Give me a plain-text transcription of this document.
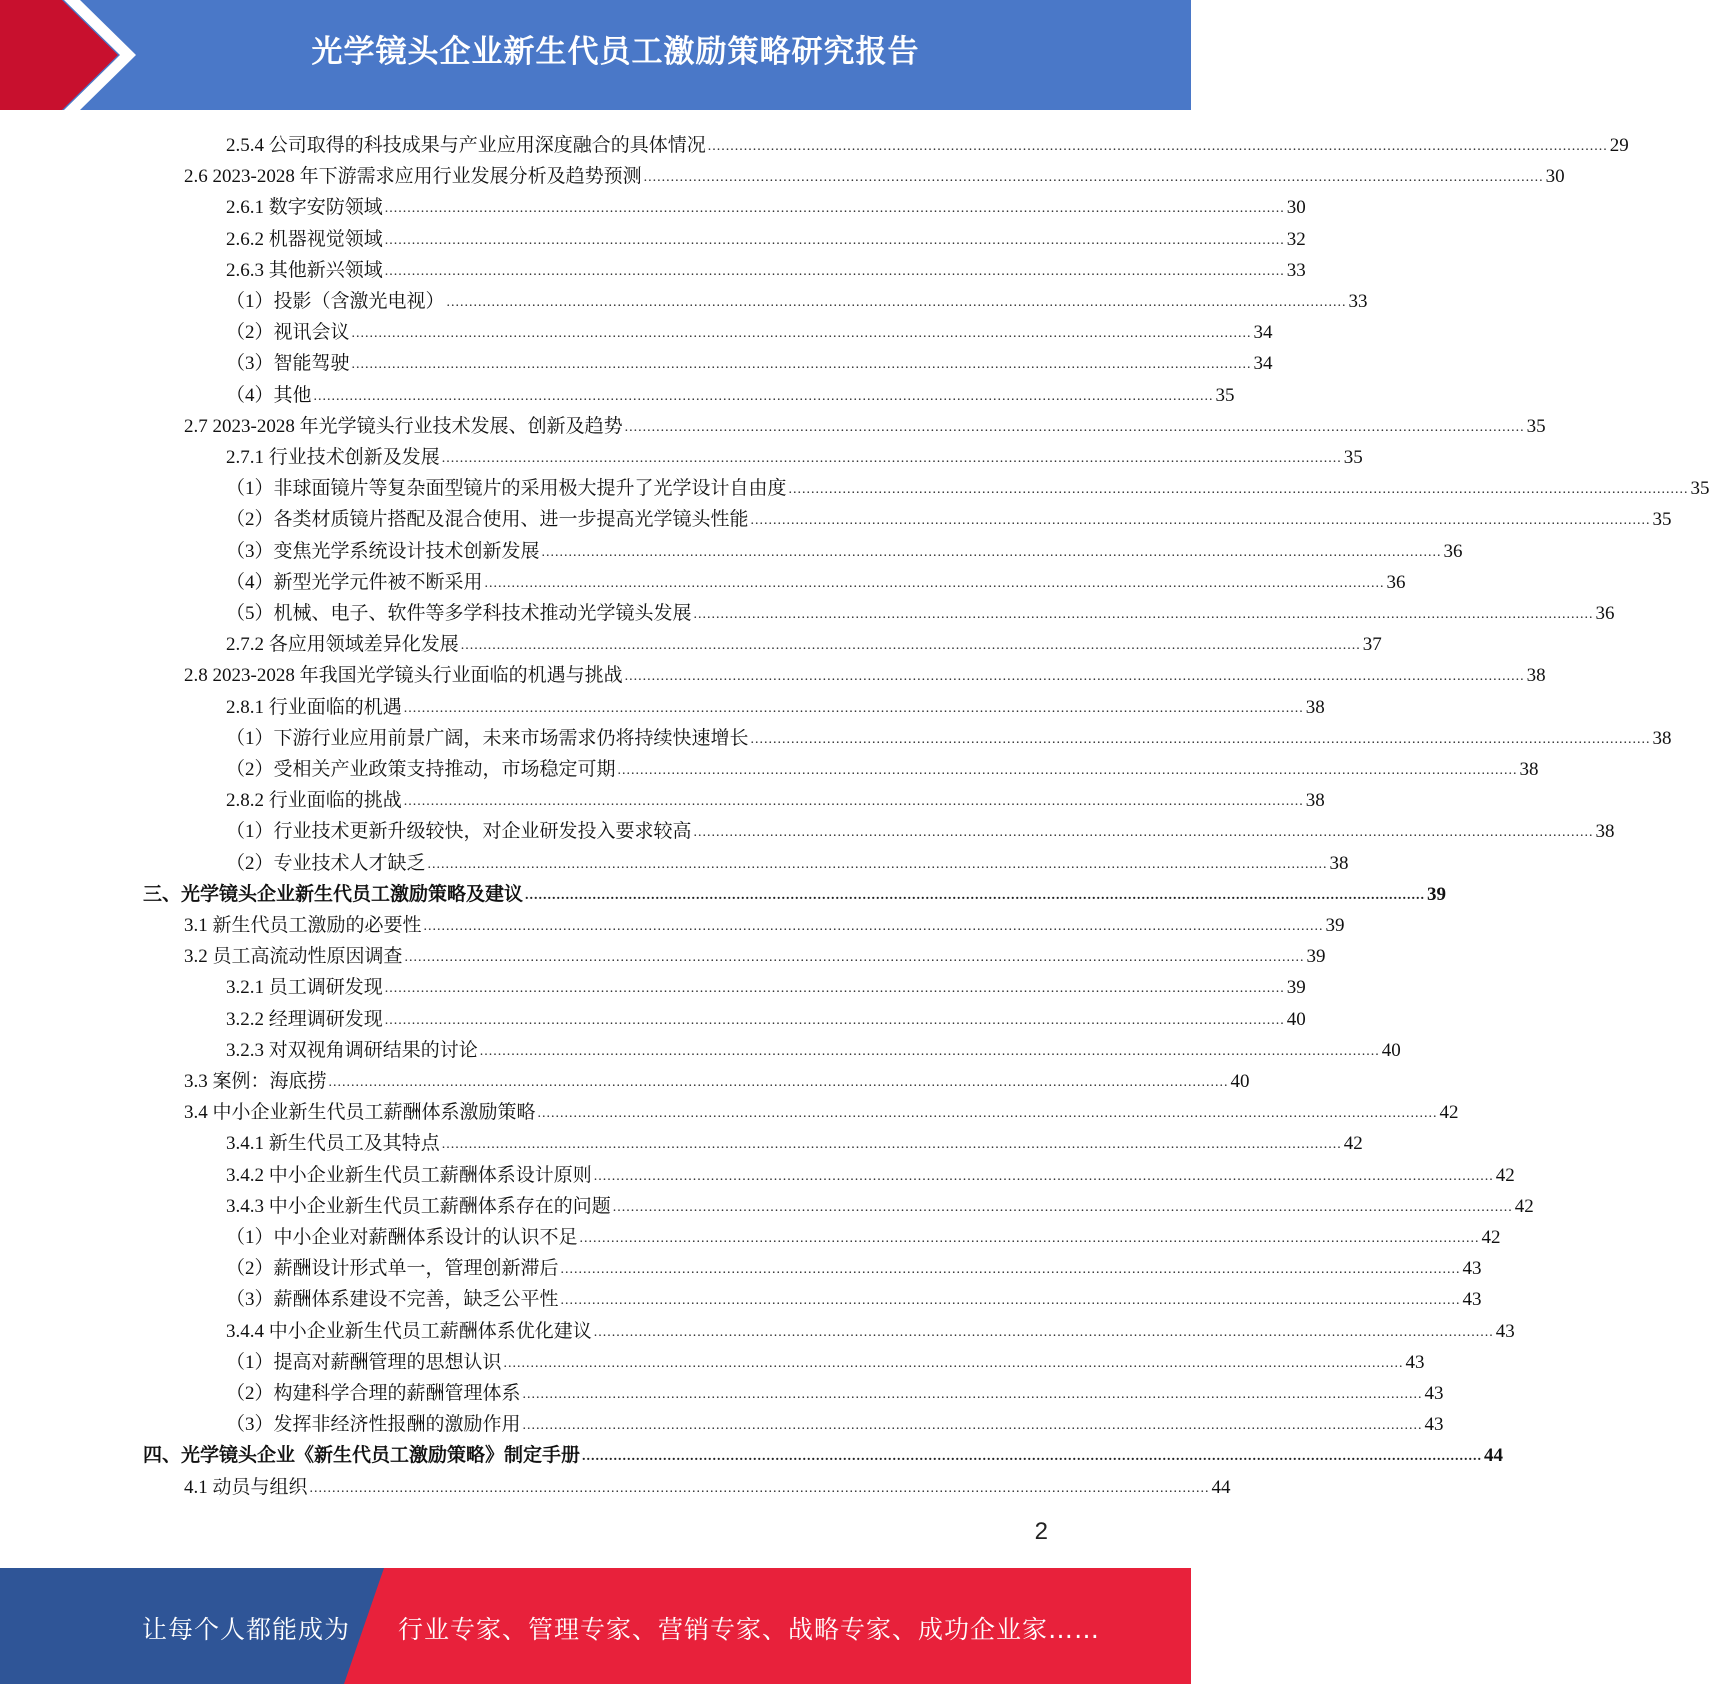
光学镜头企业新生代员工激励策略研究报告
2.5.4 公司取得的科技成果与产业应用深度融合的具体情况 ........................................................................................................................................................................................................ 29
2.6 2023-2028 年下游需求应用行业发展分析及趋势预测 ........................................................................................................................................................................................................ 30
2.6.1 数字安防领域 ........................................................................................................................................................................................................ 30
2.6.2 机器视觉领域 ........................................................................................................................................................................................................ 32
2.6.3 其他新兴领域 ........................................................................................................................................................................................................ 33
（1）投影（含激光电视） ........................................................................................................................................................................................................ 33
（2）视讯会议 ........................................................................................................................................................................................................ 34
（3）智能驾驶 ........................................................................................................................................................................................................ 34
（4）其他 ........................................................................................................................................................................................................ 35
2.7 2023-2028 年光学镜头行业技术发展、创新及趋势 ........................................................................................................................................................................................................ 35
2.7.1 行业技术创新及发展 ........................................................................................................................................................................................................ 35
（1）非球面镜片等复杂面型镜片的采用极大提升了光学设计自由度 ........................................................................................................................................................................................................ 35
（2）各类材质镜片搭配及混合使用、进一步提高光学镜头性能 ........................................................................................................................................................................................................ 35
（3）变焦光学系统设计技术创新发展 ........................................................................................................................................................................................................ 36
（4）新型光学元件被不断采用 ........................................................................................................................................................................................................ 36
（5）机械、电子、软件等多学科技术推动光学镜头发展 ........................................................................................................................................................................................................ 36
2.7.2 各应用领域差异化发展 ........................................................................................................................................................................................................ 37
2.8 2023-2028 年我国光学镜头行业面临的机遇与挑战 ........................................................................................................................................................................................................ 38
2.8.1 行业面临的机遇 ........................................................................................................................................................................................................ 38
（1）下游行业应用前景广阔，未来市场需求仍将持续快速增长 ........................................................................................................................................................................................................ 38
（2）受相关产业政策支持推动，市场稳定可期 ........................................................................................................................................................................................................ 38
2.8.2 行业面临的挑战 ........................................................................................................................................................................................................ 38
（1）行业技术更新升级较快，对企业研发投入要求较高 ........................................................................................................................................................................................................ 38
（2）专业技术人才缺乏 ........................................................................................................................................................................................................ 38
三、光学镜头企业新生代员工激励策略及建议 ........................................................................................................................................................................................................ 39
3.1 新生代员工激励的必要性 ........................................................................................................................................................................................................ 39
3.2 员工高流动性原因调查 ........................................................................................................................................................................................................ 39
3.2.1 员工调研发现 ........................................................................................................................................................................................................ 39
3.2.2 经理调研发现 ........................................................................................................................................................................................................ 40
3.2.3 对双视角调研结果的讨论 ........................................................................................................................................................................................................ 40
3.3 案例：海底捞 ........................................................................................................................................................................................................ 40
3.4 中小企业新生代员工薪酬体系激励策略 ........................................................................................................................................................................................................ 42
3.4.1 新生代员工及其特点 ........................................................................................................................................................................................................ 42
3.4.2 中小企业新生代员工薪酬体系设计原则 ........................................................................................................................................................................................................ 42
3.4.3 中小企业新生代员工薪酬体系存在的问题 ........................................................................................................................................................................................................ 42
（1）中小企业对薪酬体系设计的认识不足 ........................................................................................................................................................................................................ 42
（2）薪酬设计形式单一，管理创新滞后 ........................................................................................................................................................................................................ 43
（3）薪酬体系建设不完善，缺乏公平性 ........................................................................................................................................................................................................ 43
3.4.4 中小企业新生代员工薪酬体系优化建议 ........................................................................................................................................................................................................ 43
（1）提高对薪酬管理的思想认识 ........................................................................................................................................................................................................ 43
（2）构建科学合理的薪酬管理体系 ........................................................................................................................................................................................................ 43
（3）发挥非经济性报酬的激励作用 ........................................................................................................................................................................................................ 43
四、光学镜头企业《新生代员工激励策略》制定手册 ........................................................................................................................................................................................................ 44
4.1 动员与组织 ........................................................................................................................................................................................................ 44
2
让每个人都能成为 行业专家、管理专家、营销专家、战略专家、成功企业家……
